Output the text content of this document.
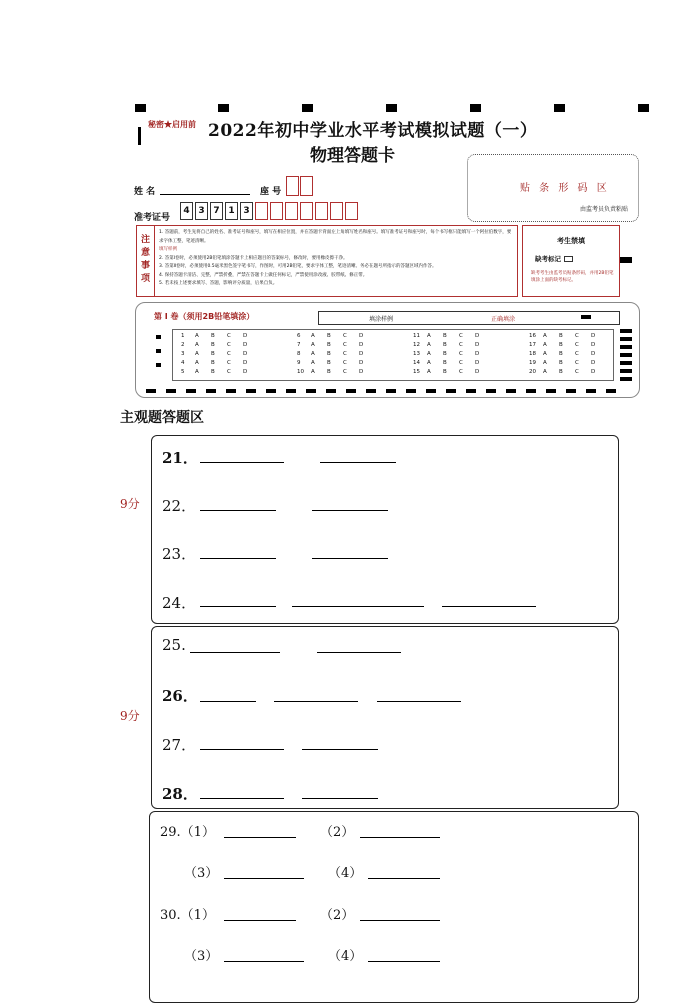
秘密★启用前 2022年初中学业水平考试模拟试题（一）
物理答题卡
贴 条 形 码 区
由监考员负责粘贴
姓 名	座 号
准考证号
4 3 7 1 3
注
意
事
项
1. 答题前，考生先将自己的姓名、准考证号和座号，填写在相应位置，并在答题卡背面左上角填写姓名和座号。填写准考证号和座号时，每个书写框只能填写一个阿拉伯数字，要求字体工整，笔迹清晰。
填写样例
2. 答第Ⅰ卷时，必须使用2B铅笔填涂答题卡上相应题目的答案标号，修改时，要用橡皮擦干净。
3. 答第Ⅱ卷时，必须使用0.5毫米黑色签字笔书写，作图时，可用2B铅笔，要求字体工整，笔迹清晰。务必在题号所指示的答题区域内作答。
4. 保持答题卡清洁、完整，严禁折叠，严禁在答题卡上做任何标记，严禁使用涂改液、胶带纸、修正带。
5. 若未按上述要求填写、答题，影响评分质量，后果自负。
考生禁填
缺考标记
缺考考生由监考员贴条形码，并用2B铅笔填涂上面的缺考标记。
第 Ⅰ 卷（须用2B铅笔填涂）	填涂样例	正确填涂
1 A B C D
2 A B C D
3 A B C D
4 A B C D
5 A B C D
6 A B C D
7 A B C D
8 A B C D
9 A B C D
10 A B C D
11 A B C D
12 A B C D
13 A B C D
14 A B C D
15 A B C D
16 A B C D
17 A B C D
18 A B C D
19 A B C D
20 A B C D
主观题答题区
9分
21．
22．
23．
24．
9分
25.
26．
27．
28．
29.（1）	（2）
（3）	（4）
30.（1）	（2）
（3）	（4）
